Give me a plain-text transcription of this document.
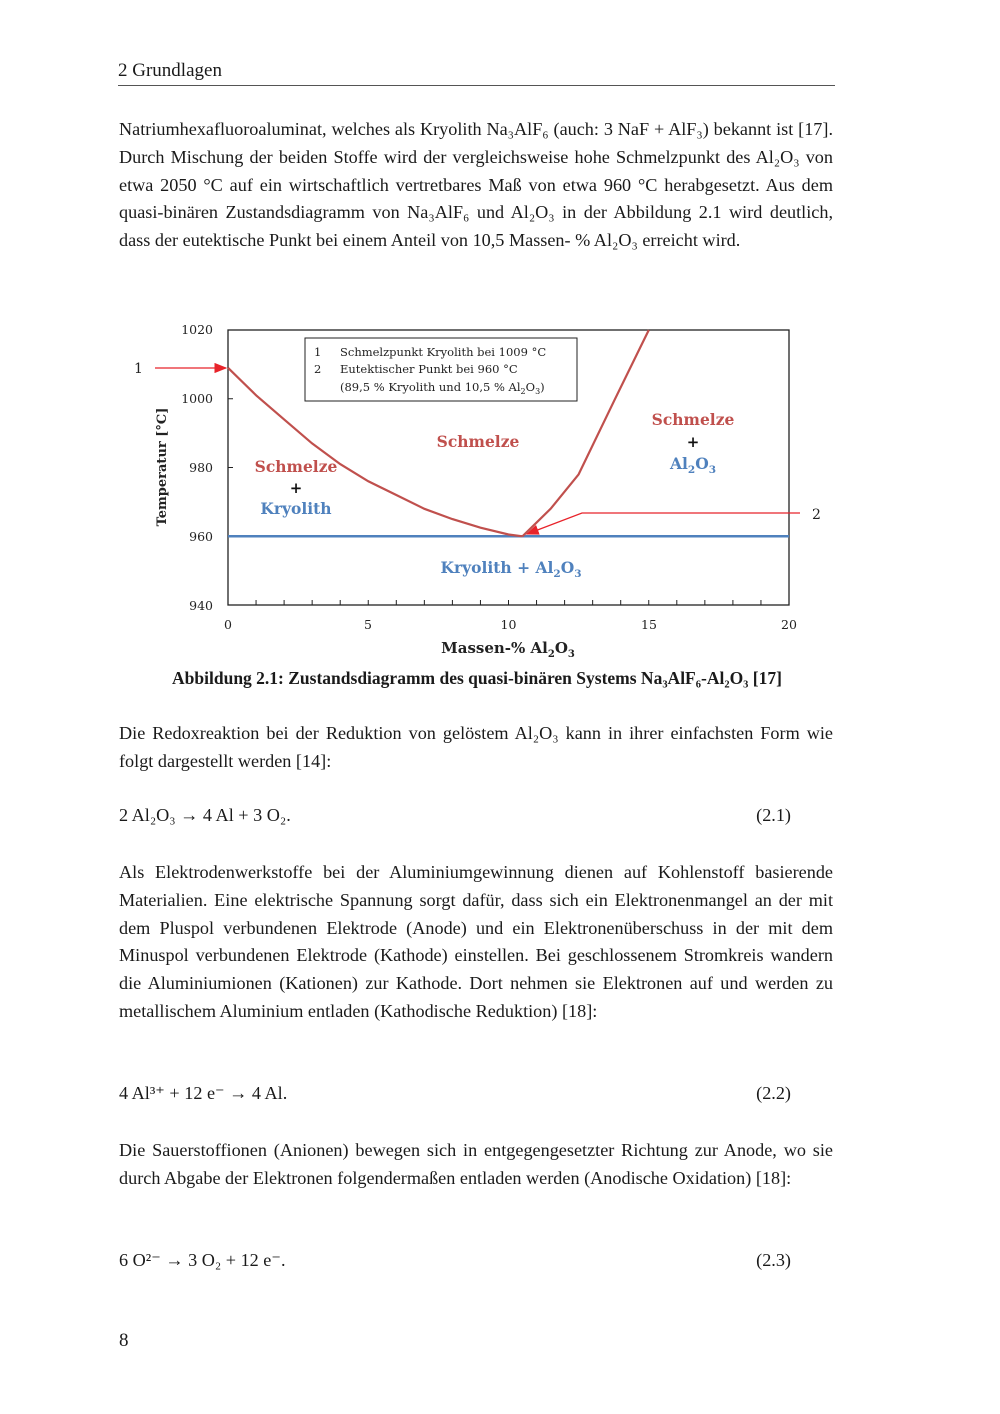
2 Grundlagen

Natriumhexafluoroaluminat, welches als Kryolith Na₃AlF₆ (auch: 3 NaF + AlF₃) bekannt ist [17]. Durch Mischung der beiden Stoffe wird der vergleichsweise hohe Schmelzpunkt des Al₂O₃ von etwa 2050 °C auf ein wirtschaftlich vertretbares Maß von etwa 960 °C herabgesetzt. Aus dem quasi-binären Zustandsdiagramm von Na₃AlF₆ und Al₂O₃ in der Abbildung 2.1 wird deutlich, dass der eutektische Punkt bei einem Anteil von 10,5 Massen- % Al₂O₃ erreicht wird.

1020
1000
980
960
940
0	5	10	15	20
Massen-% $Al_2O_3$
Temperatur [°C]
1 Schmelzpunkt Kryolith bei 1009 °C
2 Eutektischer Punkt bei 960 °C
(89,5 % Kryolith und 10,5 % $Al_2O_3$)
Schmelze
Schmelze
+
Kryolith
Schmelze
+
$Al_2O_3$
Kryolith + $Al_2O_3$
1
2
Abbildung 2.1: Zustandsdiagramm des quasi-binären Systems Na₃AlF₆-Al₂O₃ [17]

Die Redoxreaktion bei der Reduktion von gelöstem Al₂O₃ kann in ihrer einfachsten Form wie folgt dargestellt werden [14]:

2 Al₂O₃ → 4 Al + 3 O₂.	(2.1)

Als Elektrodenwerkstoffe bei der Aluminiumgewinnung dienen auf Kohlenstoff basierende Materialien. Eine elektrische Spannung sorgt dafür, dass sich ein Elektronenmangel an der mit dem Pluspol verbundenen Elektrode (Anode) und ein Elektronenüberschuss in der mit dem Minuspol verbundenen Elektrode (Kathode) einstellen. Bei geschlossenem Stromkreis wandern die Aluminiumionen (Kationen) zur Kathode. Dort nehmen sie Elektronen auf und werden zu metallischem Aluminium entladen (Kathodische Reduktion) [18]:

4 Al³⁺ + 12 e⁻ → 4 Al.	(2.2)

Die Sauerstoffionen (Anionen) bewegen sich in entgegengesetzter Richtung zur Anode, wo sie durch Abgabe der Elektronen folgendermaßen entladen werden (Anodische Oxidation) [18]:

6 O²⁻ → 3 O₂ + 12 e⁻.	(2.3)
8
